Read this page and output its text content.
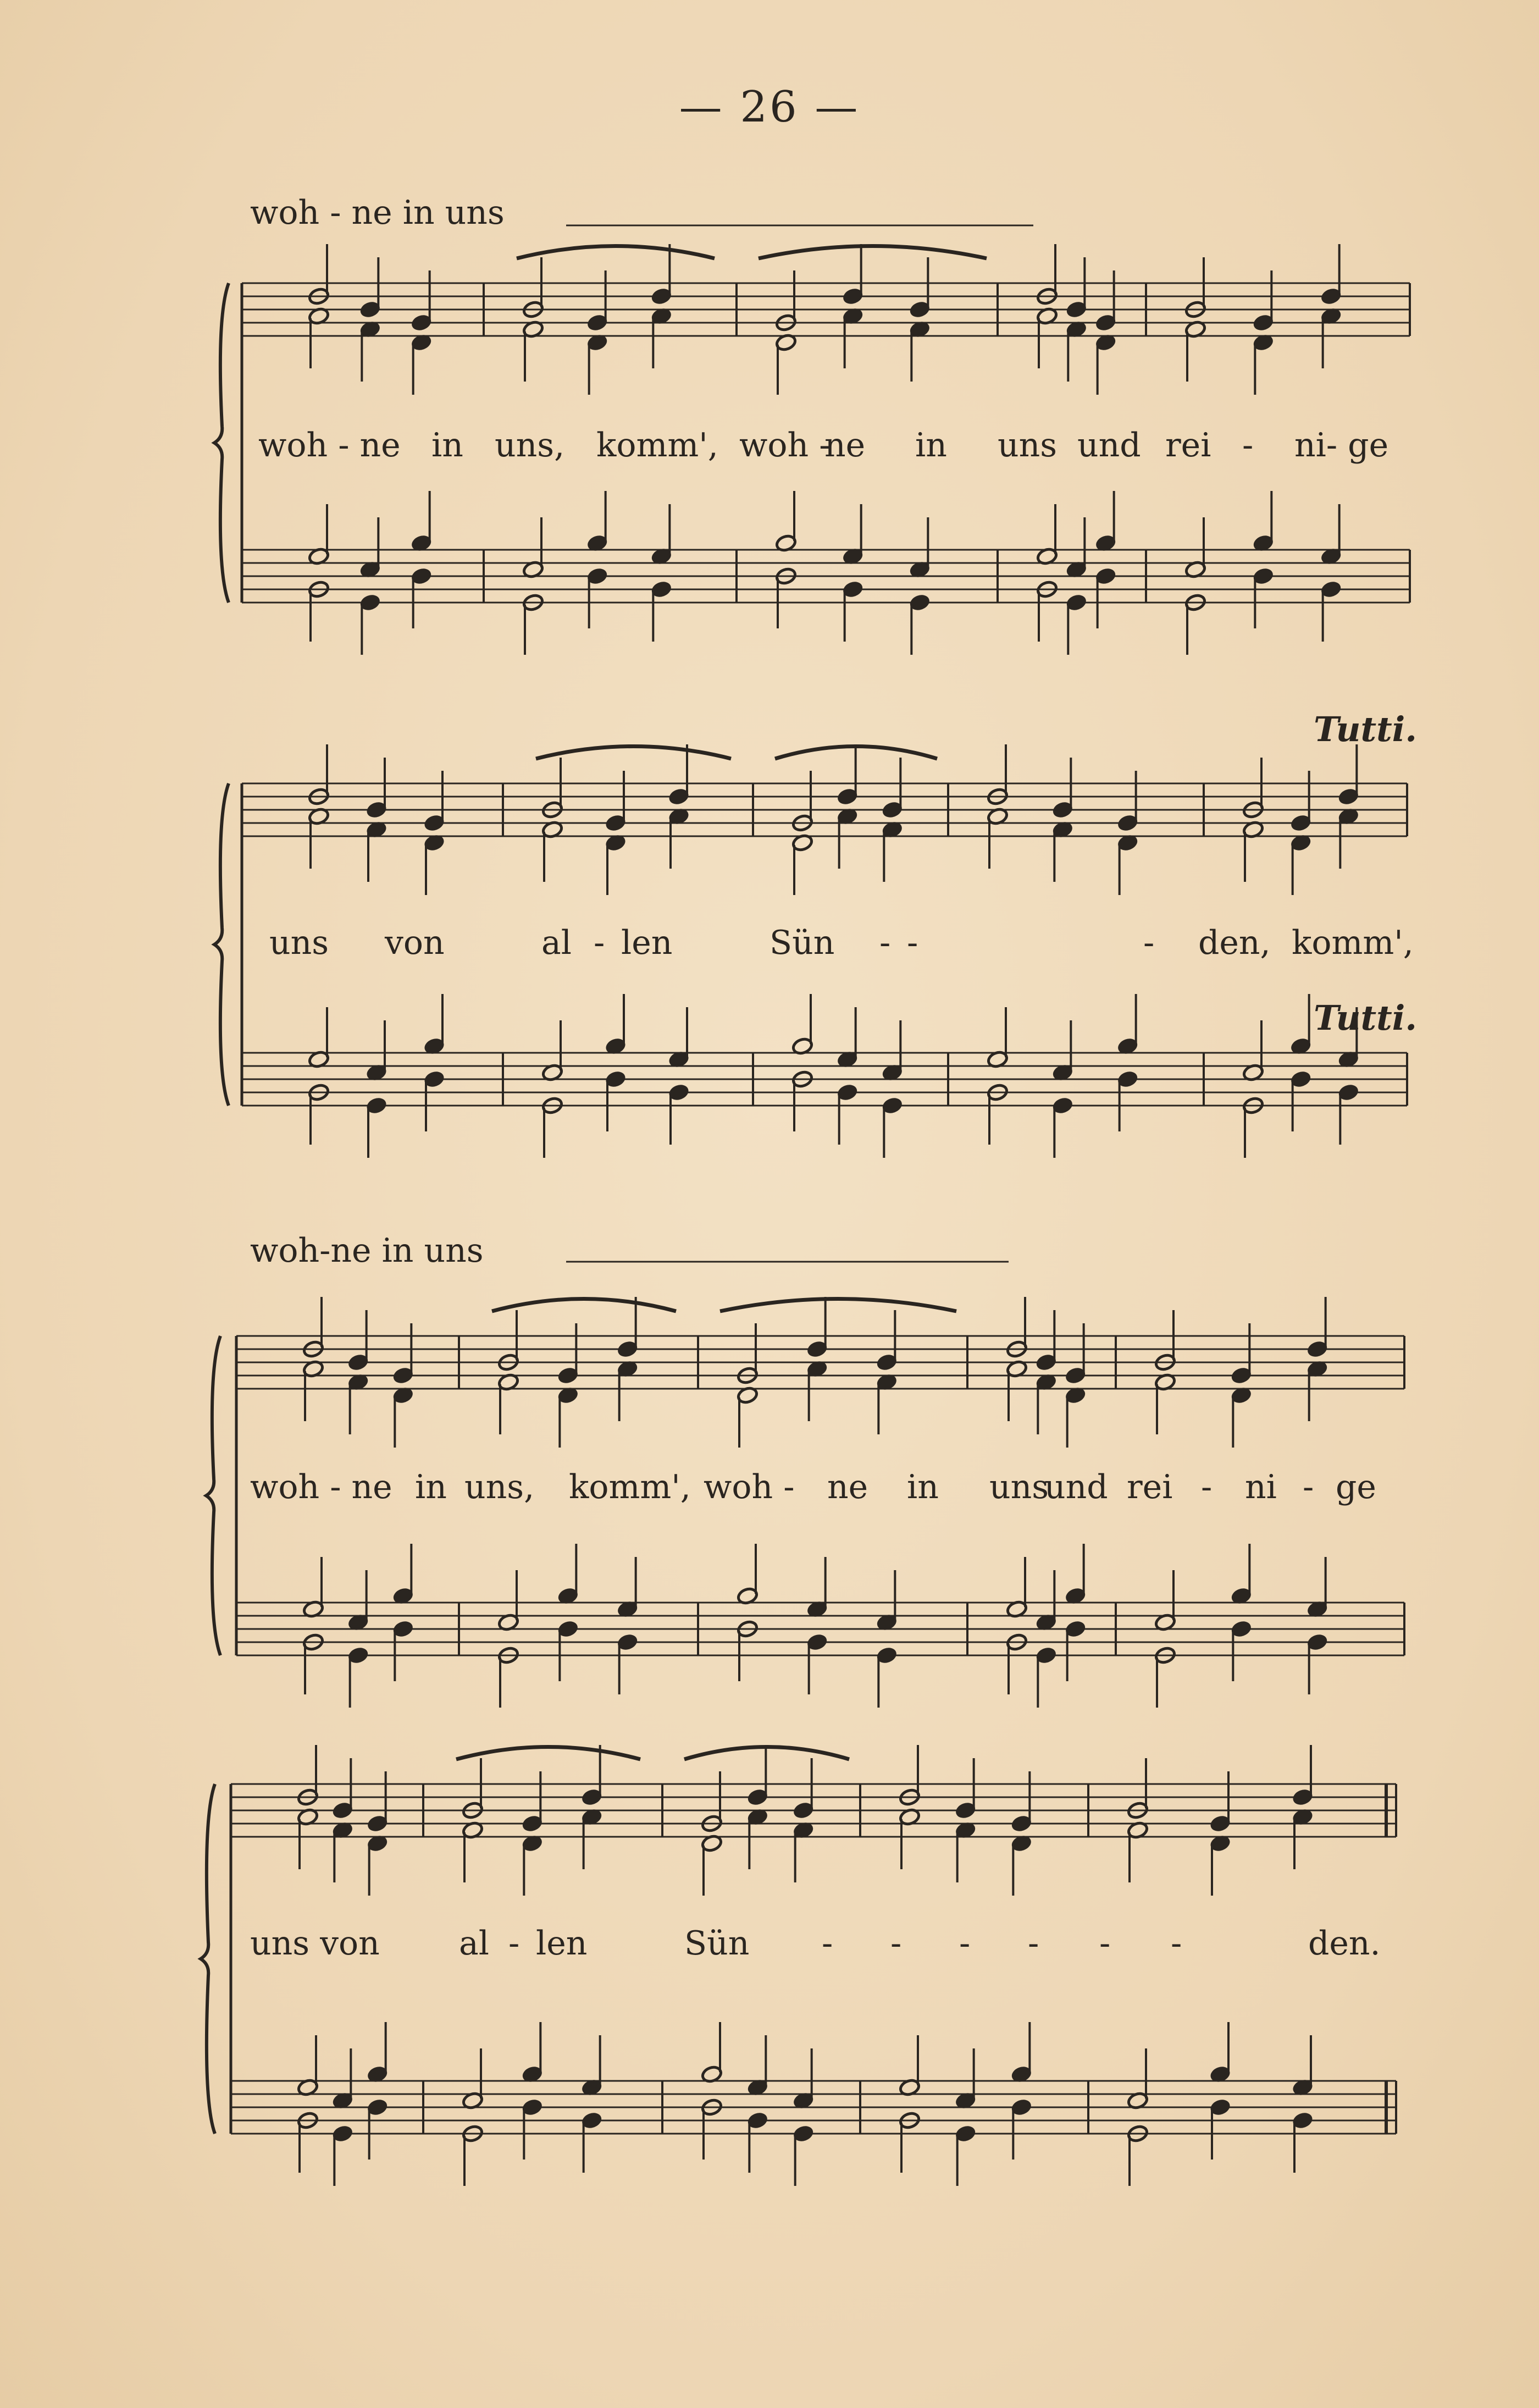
— 26 —
woh - ne in uns
woh - ne in uns, komm', woh -
ne in uns und rei - ni- ge
Tutti.
uns von	al - len	Sün - -	- den, komm',
Tutti.
woh-ne in uns
woh - ne in uns, komm', woh - ne in uns
und rei - ni - ge
uns von al - len	Sün - - - - - -	den.
